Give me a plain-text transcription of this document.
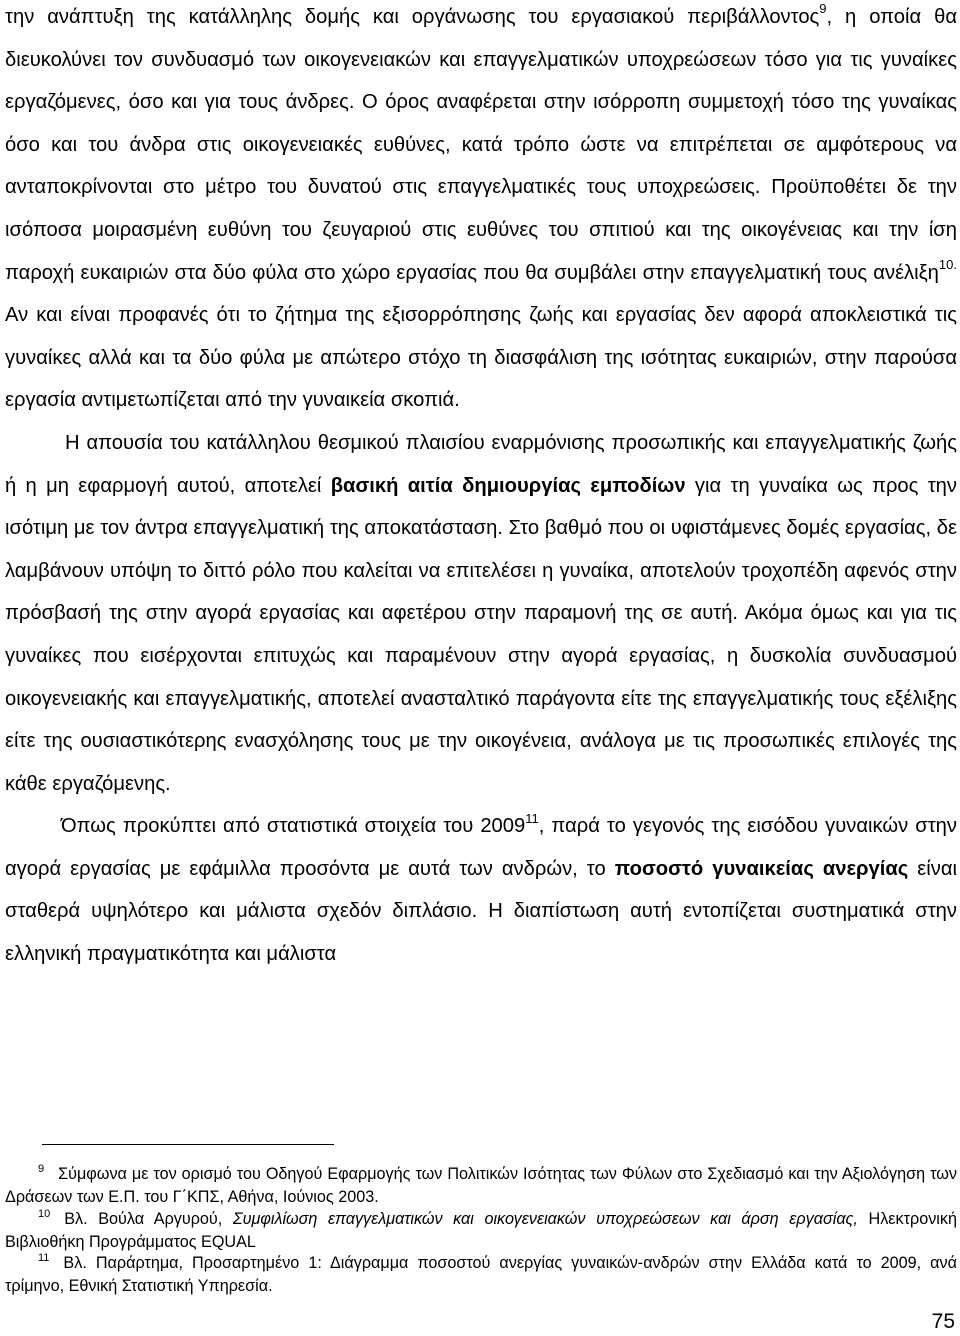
την ανάπτυξη της κατάλληλης δομής και οργάνωσης του εργασιακού περιβάλλοντος$^9$, η οποία θα διευκολύνει τον συνδυασμό των οικογενειακών και επαγγελματικών υποχρεώσεων τόσο για τις γυναίκες εργαζόμενες, όσο και για τους άνδρες. Ο όρος αναφέρεται στην ισόρροπη συμμετοχή τόσο της γυναίκας όσο και του άνδρα στις οικογενειακές ευθύνες, κατά τρόπο ώστε να επιτρέπεται σε αμφότερους να ανταποκρίνονται στο μέτρο του δυνατού στις επαγγελματικές τους υποχρεώσεις. Προϋποθέτει δε την ισόποσα μοιρασμένη ευθύνη του ζευγαριού στις ευθύνες του σπιτιού και της οικογένειας και την ίση παροχή ευκαιριών στα δύο φύλα στο χώρο εργασίας που θα συμβάλει στην επαγγελματική τους ανέλιξη$^{10.}$ Αν και είναι προφανές ότι το ζήτημα της εξισορρόπησης ζωής και εργασίας δεν αφορά αποκλειστικά τις γυναίκες αλλά και τα δύο φύλα με απώτερο στόχο τη διασφάλιση της ισότητας ευκαιριών, στην παρούσα εργασία αντιμετωπίζεται από την γυναικεία σκοπιά.

Η απουσία του κατάλληλου θεσμικού πλαισίου εναρμόνισης προσωπικής και επαγγελματικής ζωής ή η μη εφαρμογή αυτού, αποτελεί βασική αιτία δημιουργίας εμποδίων για τη γυναίκα ως προς την ισότιμη με τον άντρα επαγγελματική της αποκατάσταση. Στο βαθμό που οι υφιστάμενες δομές εργασίας, δε λαμβάνουν υπόψη το διττό ρόλο που καλείται να επιτελέσει η γυναίκα, αποτελούν τροχοπέδη αφενός στην πρόσβασή της στην αγορά εργασίας και αφετέρου στην παραμονή της σε αυτή. Ακόμα όμως και για τις γυναίκες που εισέρχονται επιτυχώς και παραμένουν στην αγορά εργασίας, η δυσκολία συνδυασμού οικογενειακής και επαγγελματικής, αποτελεί ανασταλτικό παράγοντα είτε της επαγγελματικής τους εξέλιξης είτε της ουσιαστικότερης ενασχόλησης τους με την οικογένεια, ανάλογα με τις προσωπικές επιλογές της κάθε εργαζόμενης.

Όπως προκύπτει από στατιστικά στοιχεία του 2009$^{11}$, παρά το γεγονός της εισόδου γυναικών στην αγορά εργασίας με εφάμιλλα προσόντα με αυτά των ανδρών, το ποσοστό γυναικείας ανεργίας είναι σταθερά υψηλότερο και μάλιστα σχεδόν διπλάσιο. Η διαπίστωση αυτή εντοπίζεται συστηματικά στην ελληνική πραγματικότητα και μάλιστα

$^9$ Σύμφωνα με τον ορισμό του Οδηγού Εφαρμογής των Πολιτικών Ισότητας των Φύλων στο Σχεδιασμό και την Αξιολόγηση των Δράσεων των Ε.Π. του Γ΄ΚΠΣ, Αθήνα, Ιούνιος 2003.

$^{10}$ Βλ. Βούλα Αργυρού, Συμφιλίωση επαγγελματικών και οικογενειακών υποχρεώσεων και άρση εργασίας, Ηλεκτρονική Βιβλιοθήκη Προγράμματος EQUAL

$^{11}$ Βλ. Παράρτημα, Προσαρτημένο 1: Διάγραμμα ποσοστού ανεργίας γυναικών-ανδρών στην Ελλάδα κατά το 2009, ανά τρίμηνο, Εθνική Στατιστική Υπηρεσία.

75
